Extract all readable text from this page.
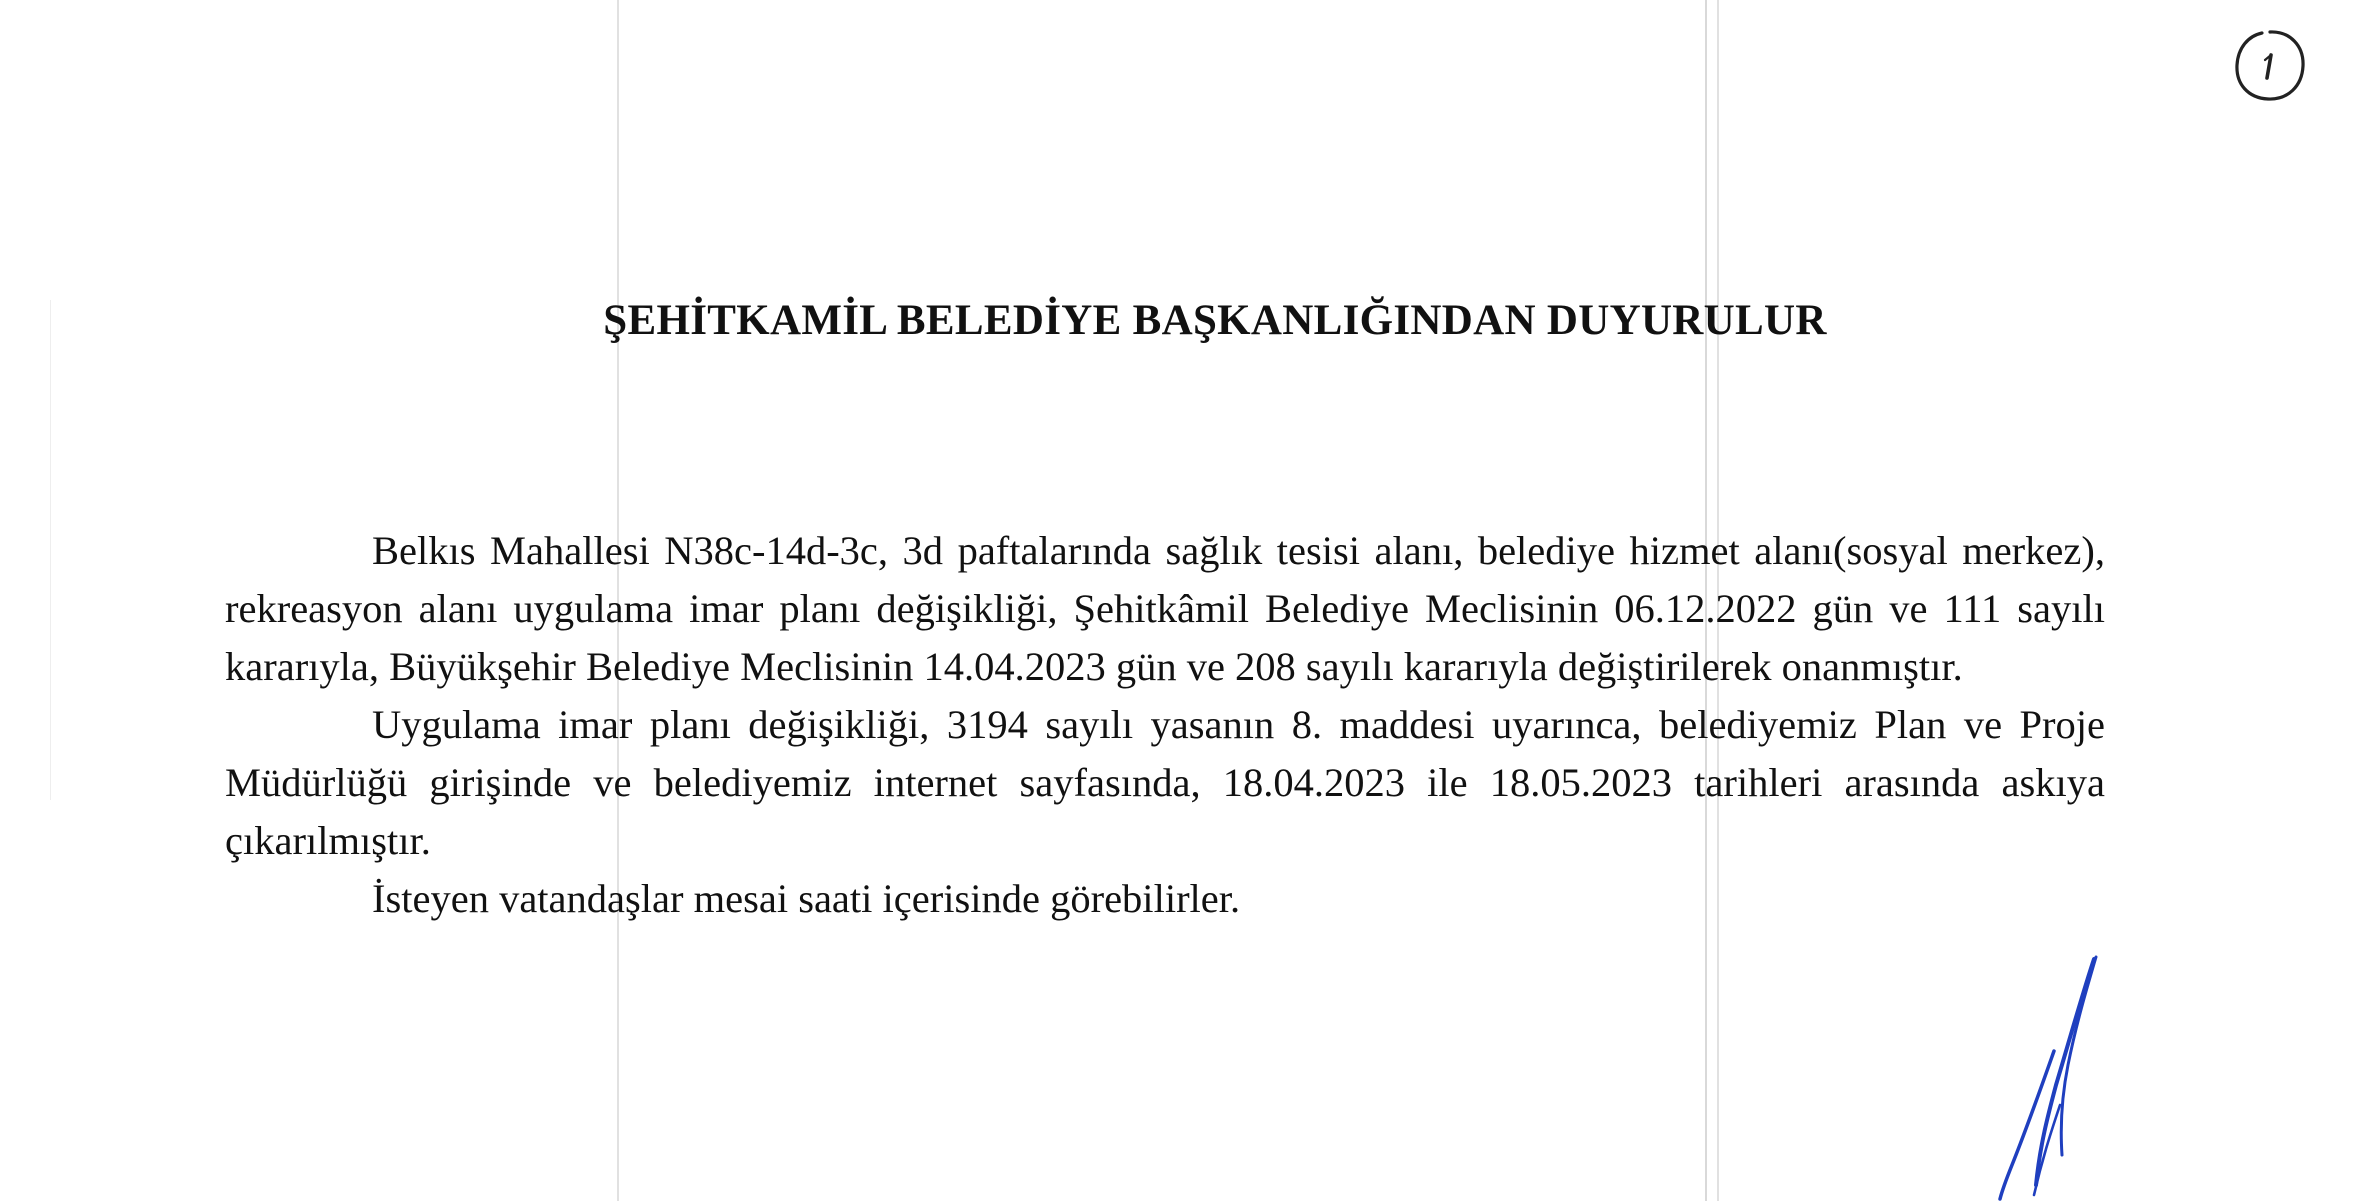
ŞEHİTKAMİL BELEDİYE BAŞKANLIĞINDAN DUYURULUR

Belkıs Mahallesi N38c-14d-3c, 3d paftalarında sağlık tesisi alanı, belediye hizmet alanı(sosyal merkez), rekreasyon alanı uygulama imar planı değişikliği, Şehitkâmil Belediye Meclisinin 06.12.2022 gün ve 111 sayılı kararıyla, Büyükşehir Belediye Meclisinin 14.04.2023 gün ve 208 sayılı kararıyla değiştirilerek onanmıştır.

Uygulama imar planı değişikliği, 3194 sayılı yasanın 8. maddesi uyarınca, belediyemiz Plan ve Proje Müdürlüğü girişinde ve belediyemiz internet sayfasında, 18.04.2023 ile 18.05.2023 tarihleri arasında askıya çıkarılmıştır.

İsteyen vatandaşlar mesai saati içerisinde görebilirler.
